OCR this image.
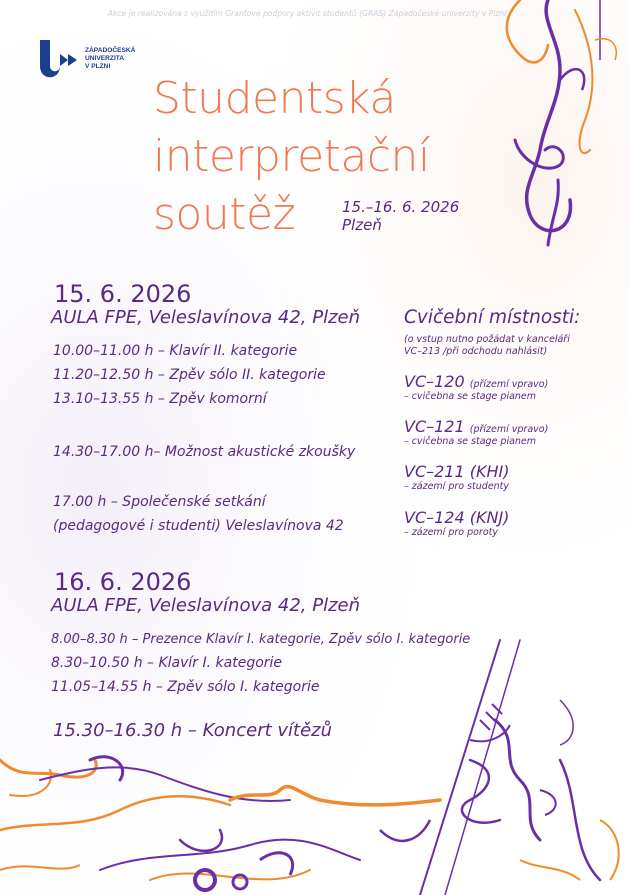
Akce je realizována s využitím Grantové podpory aktivit studentů (GRAS) Západočeské univerzity v Plzni
ZÁPADOČESKÁ
UNIVERZITA
V PLZNI
Studentská
interpretační
soutěž	15.–16. 6. 2026
Plzeň
15. 6. 2026
AULA FPE, Veleslavínova 42, Plzeň
10.00–11.00 h – Klavír II. kategorie
11.20–12.50 h – Zpěv sólo II. kategorie
13.10–13.55 h – Zpěv komorní
14.30–17.00 h– Možnost akustické zkoušky
17.00 h – Společenské setkání
(pedagogové i studenti) Veleslavínova 42
Cvičební místnosti:
(o vstup nutno požádat v kanceláři
VC–213 /při odchodu nahlásit)
VC–120 (přízemí vpravo)
– cvičebna se stage pianem
VC–121 (přízemí vpravo)
– cvičebna se stage pianem
VC–211 (KHI)
– zázemí pro studenty
VC–124 (KNJ)
– zázemí pro poroty
16. 6. 2026
AULA FPE, Veleslavínova 42, Plzeň
8.00–8.30 h – Prezence Klavír I. kategorie, Zpěv sólo I. kategorie
8.30–10.50 h – Klavír I. kategorie
11.05–14.55 h – Zpěv sólo I. kategorie
15.30–16.30 h – Koncert vítězů
